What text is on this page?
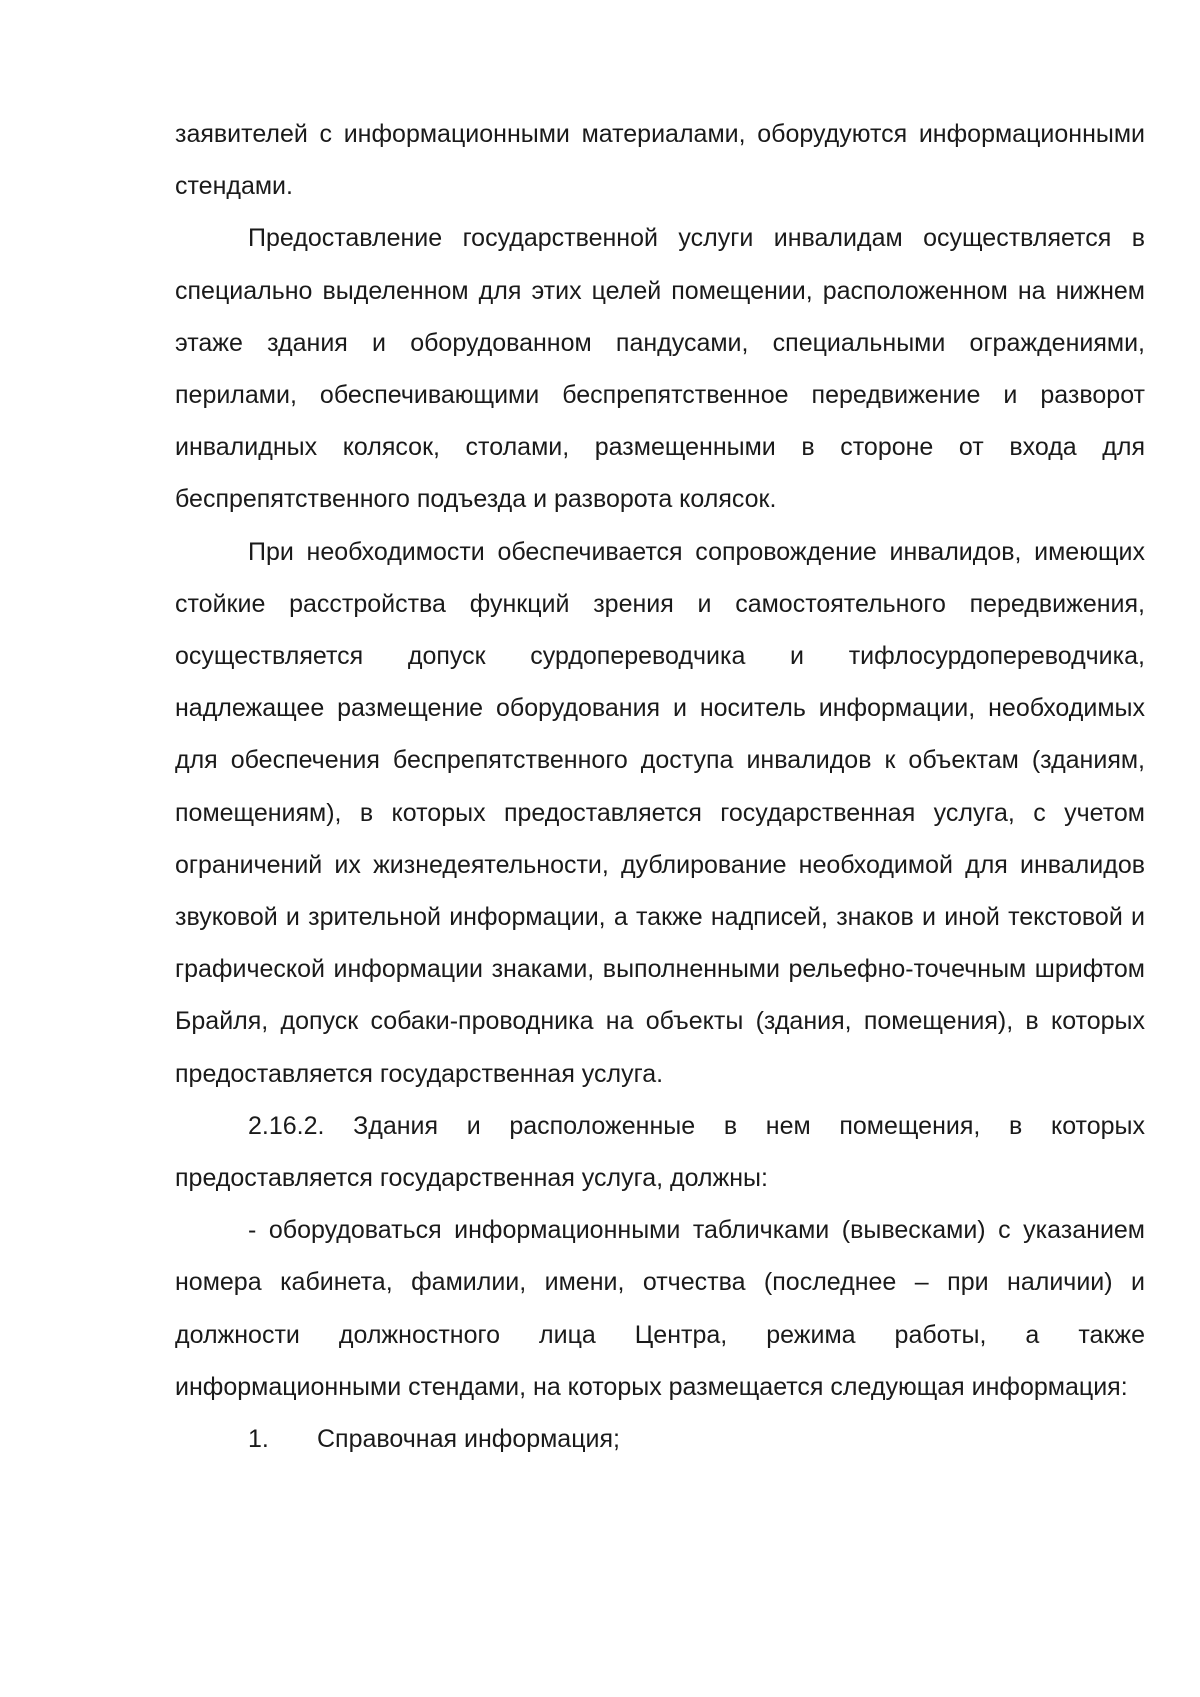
заявителей с информационными материалами, оборудуются информационными стендами.

Предоставление государственной услуги инвалидам осуществляется в специально выделенном для этих целей помещении, расположенном на нижнем этаже здания и оборудованном пандусами, специальными ограждениями, перилами, обеспечивающими беспрепятственное передвижение и разворот инвалидных колясок, столами, размещенными в стороне от входа для беспрепятственного подъезда и разворота колясок.

При необходимости обеспечивается сопровождение инвалидов, имеющих стойкие расстройства функций зрения и самостоятельного передвижения, осуществляется допуск сурдопереводчика и тифлосурдопереводчика, надлежащее размещение оборудования и носитель информации, необходимых для обеспечения беспрепятственного доступа инвалидов к объектам (зданиям, помещениям), в которых предоставляется государственная услуга, с учетом ограничений их жизнедеятельности, дублирование необходимой для инвалидов звуковой и зрительной информации, а также надписей, знаков и иной текстовой и графической информации знаками, выполненными рельефно-точечным шрифтом Брайля, допуск собаки-проводника на объекты (здания, помещения), в которых предоставляется государственная услуга.

2.16.2. Здания и расположенные в нем помещения, в которых предоставляется государственная услуга, должны:

- оборудоваться информационными табличками (вывесками) с указанием номера кабинета, фамилии, имени, отчества (последнее – при наличии) и должности должностного лица Центра, режима работы, а также информационными стендами, на которых размещается следующая информация:

1. Справочная информация;
